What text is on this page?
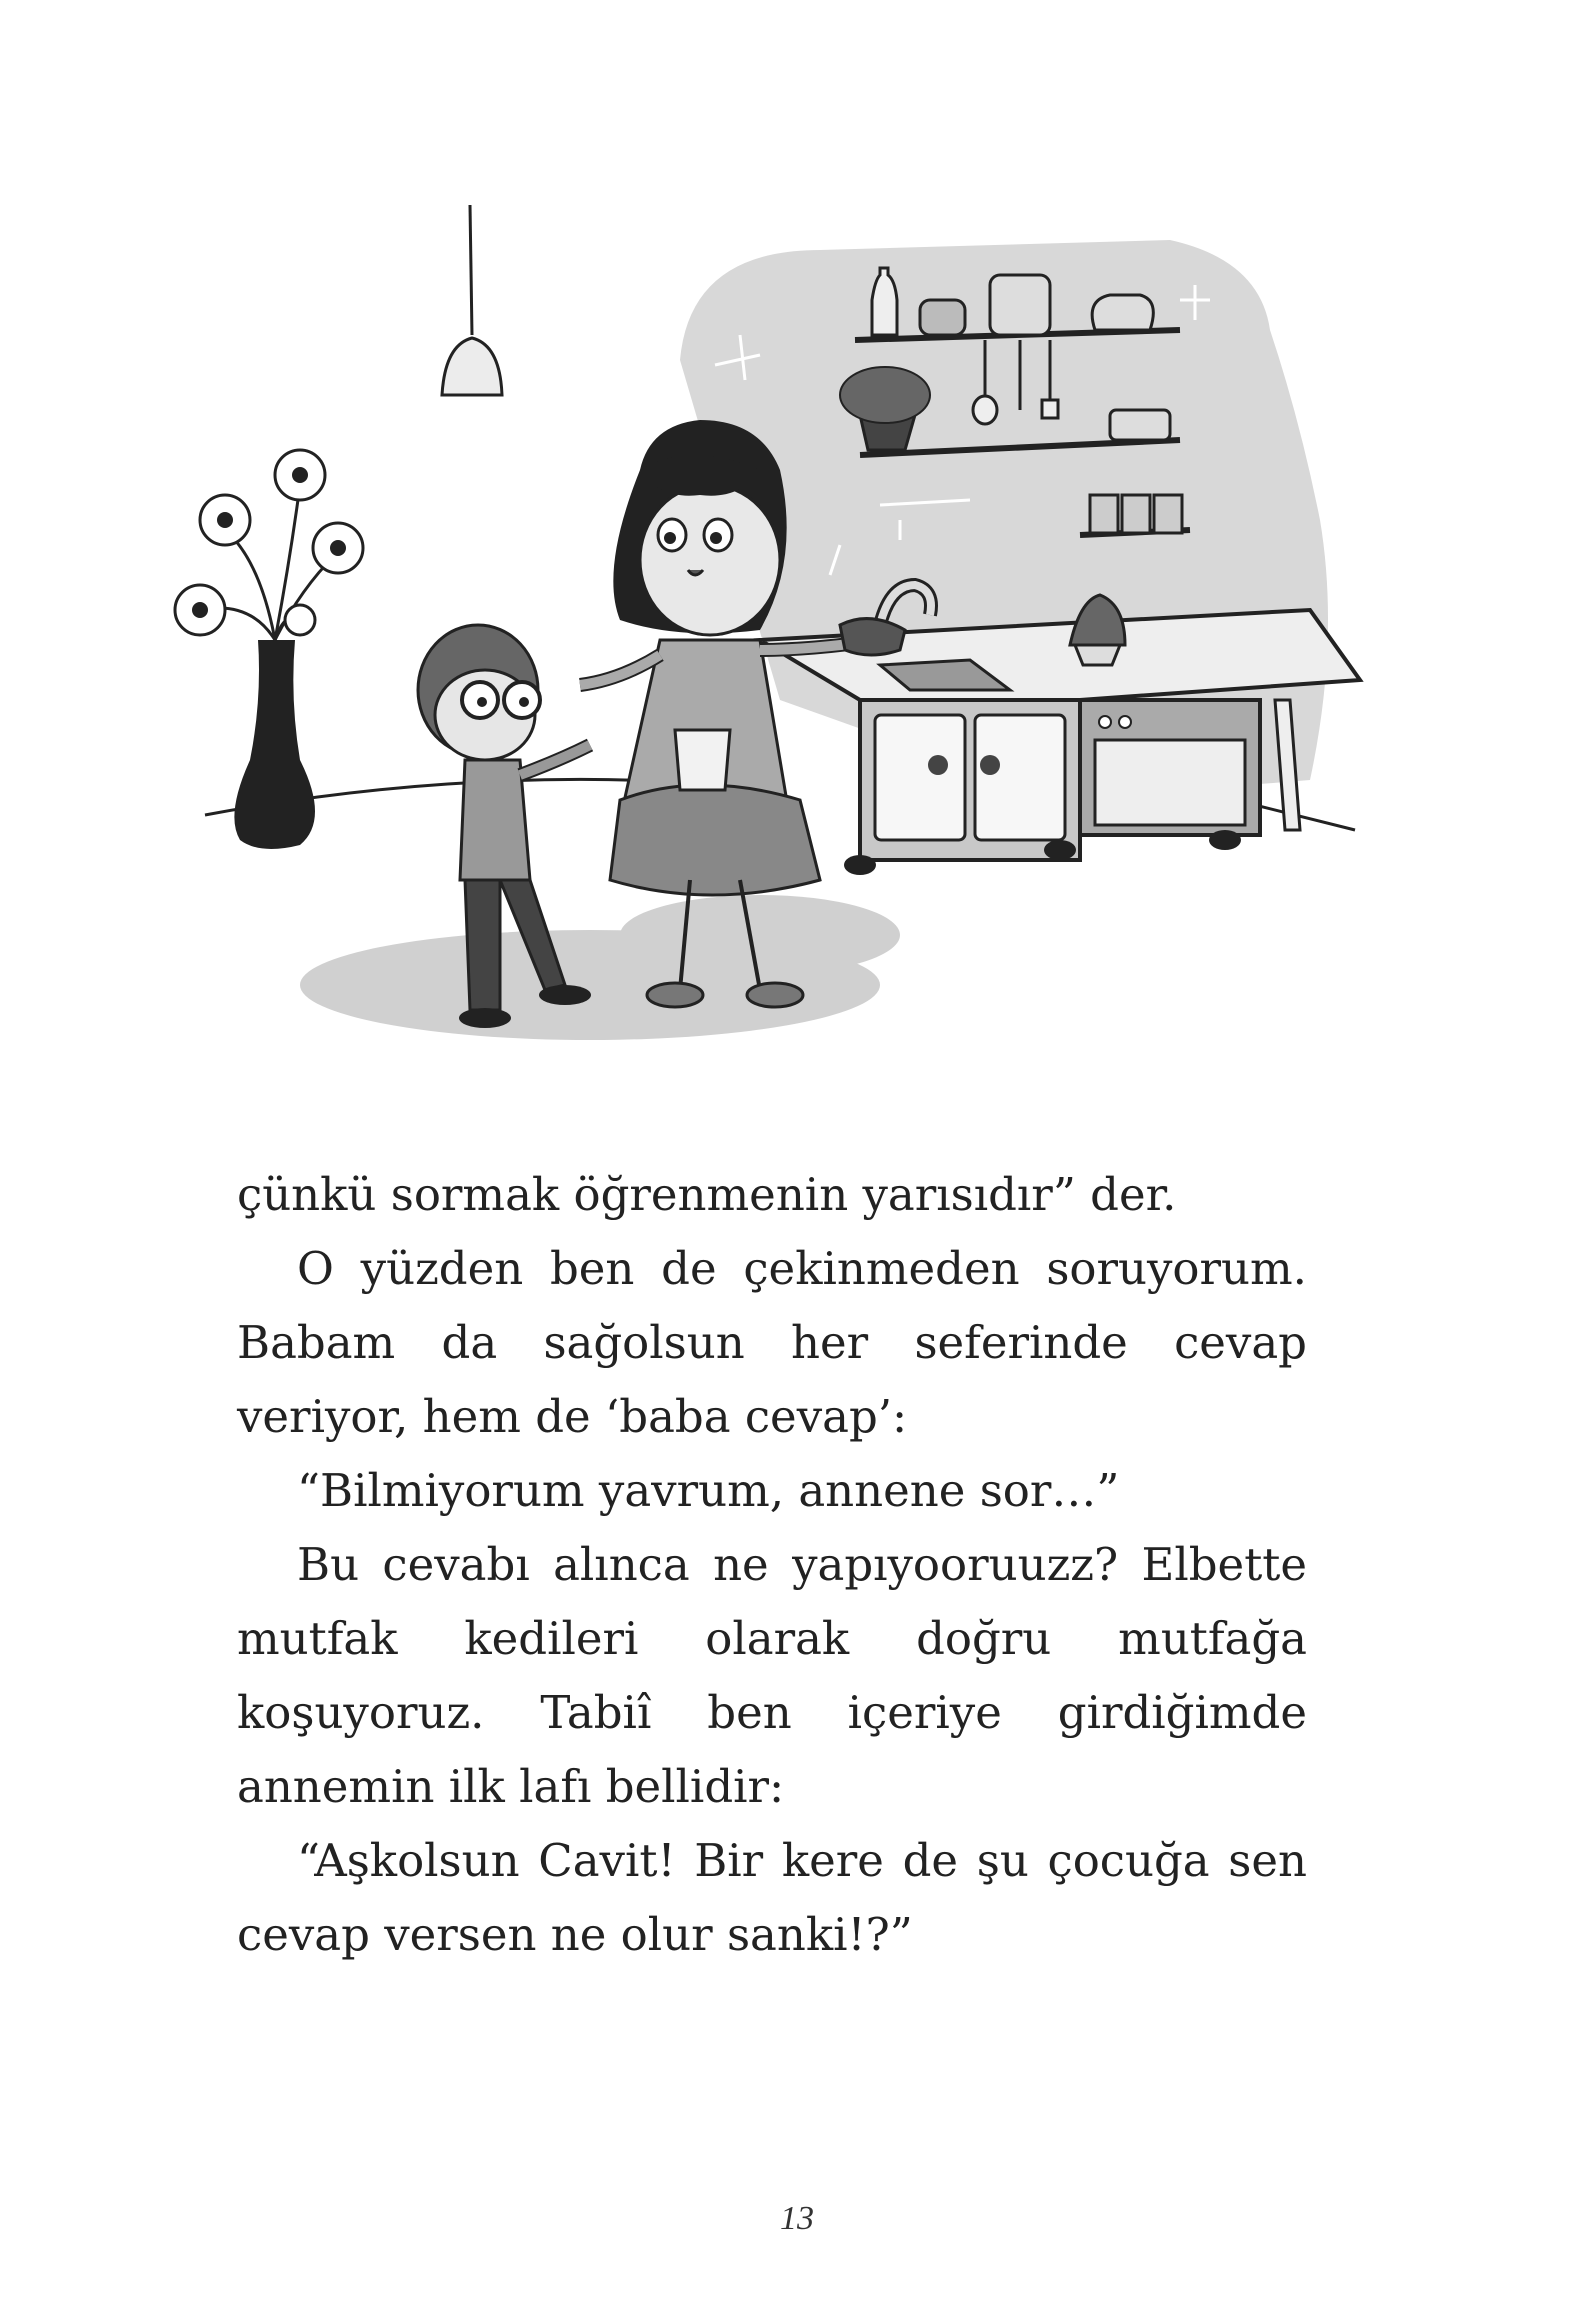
çünkü sormak öğrenmenin yarısıdır” der.

O yüzden ben de çekinmeden soruyorum. Babam da sağolsun her seferinde cevap veriyor, hem de ‘baba cevap’:

“Bilmiyorum yavrum, annene sor…”

Bu cevabı alınca ne yapıyooruuzz? Elbette mutfak kedileri olarak doğru mutfağa koşuyoruz. Tabiî ben içeriye girdiğimde annemin ilk lafı bellidir:

“Aşkolsun Cavit! Bir kere de şu çocuğa sen cevap versen ne olur sanki!?”

13
